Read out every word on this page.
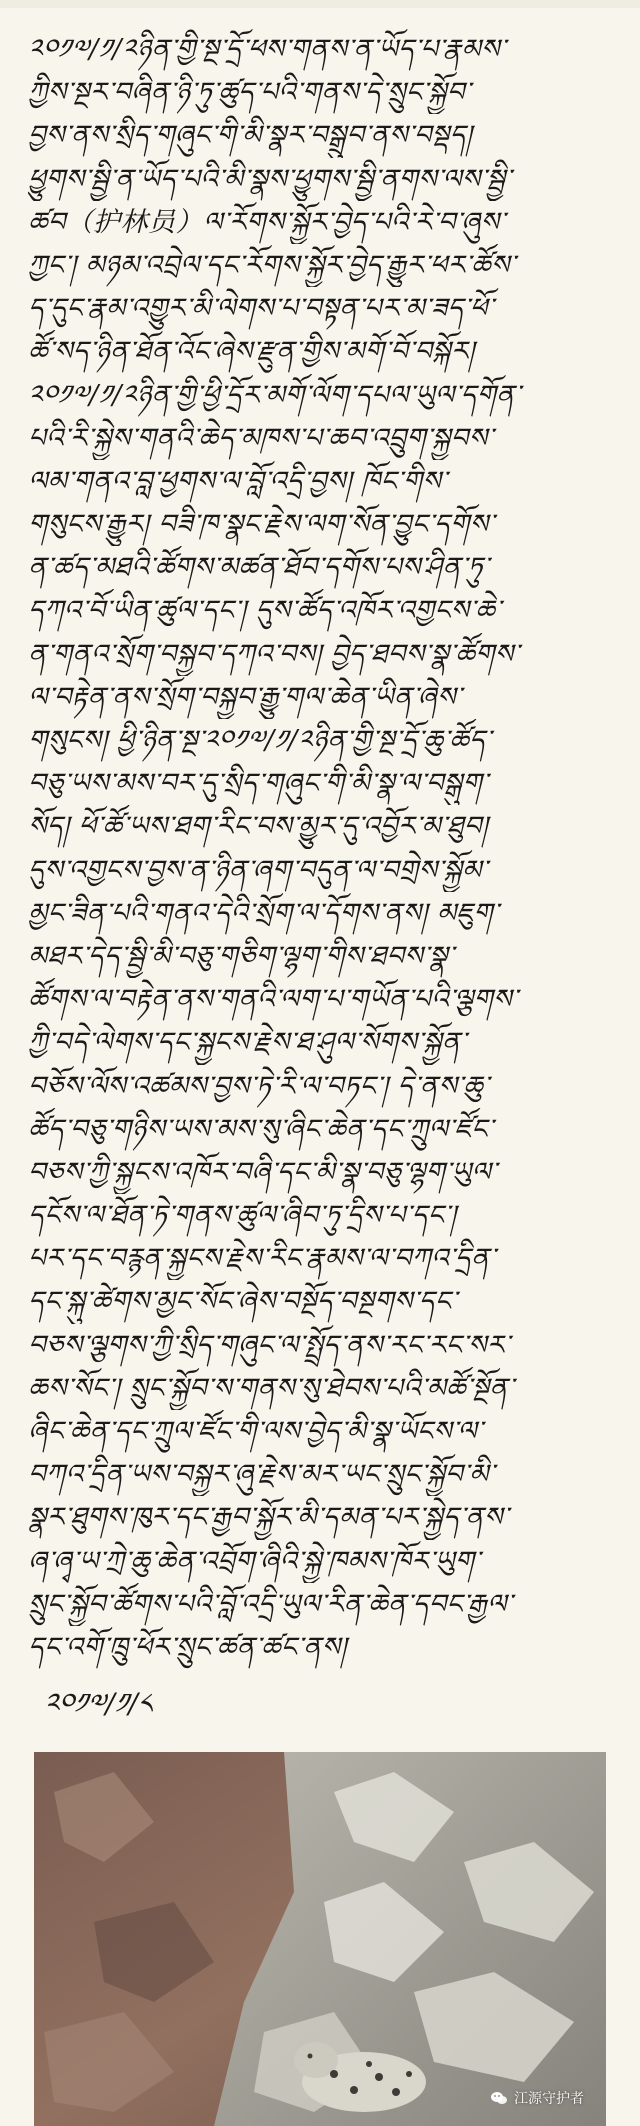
༢༠༡༧/༡/༢ཉིན་གྱི་སྔ་དྲོ་ཕས་གནས་ན་ཡོད་པ་རྣམས་
ཀྱིས་སྔར་བཞིན་ཉི་ཏུ་ཚུད་པའི་གནས་དེ་སྲུང་སྐྱོབ་
བྱས་ནས་སྲིད་གཞུང་གི་མི་སྣར་བསྒྲུབ་ནས་བསྡད།
ཕྱུགས་སྦྱི་ན་ཡོད་པའི་མི་སྣས་ཕྱུགས་སྦྱི་ནགས་ལས་སྦྱི་
ཚབ（护林员）ལ་རོགས་སྐྱོར་བྱེད་པའི་རེ་བ་ཞུས་
ཀྱང་། མཉམ་འབྲེལ་དང་རོགས་སྐྱོར་བྱེད་རྒྱུར་ཕར་ཚོས་
ད་དུང་རྣམ་འགྱུར་མི་ལེགས་པ་བསྟན་པར་མ་ཟད་ཕོ་
ཚོ་སད་ཉིན་ཐོན་འོང་ཞེས་རྫུན་གྱིས་མགོ་བོ་བསྐོར།
༢༠༡༧/༡/༢ཉིན་གྱི་ཕྱི་དྲོར་མགོ་ལོག་དཔལ་ཡུལ་དགོན་
པའི་རི་སྐྱེས་གནའི་ཆེད་མཁས་པ་ཆབ་འབྲུག་སྐྱབས་
ལམ་གནའ་བླ་ཕྱགས་ལ་བློ་འདྲི་བྱས། ཁོང་གིས་
གསུངས་རྒྱུར། བཟི་ཁ་སྣང་རྗེས་ལག་སོན་བྱུང་དགོས་
ན་ཚད་མཐའི་ཚོགས་མཚན་ཐོབ་དགོས་པས་ཤིན་ཏུ་
དཀའ་བོ་ཡིན་ཚུལ་དང་། དུས་ཚོད་འཁོར་འགྱངས་ཆེ་
ན་གནའ་སྲོག་བསྐྱབ་དཀའ་བས། བྱེད་ཐབས་སྣ་ཚོགས་
ལ་བརྟེན་ནས་སྲོག་བསྐྱབ་རྒྱུ་གལ་ཆེན་ཡིན་ཞེས་
གསུངས། ཕྱི་ཉིན་སྔ་༢༠༡༧/༡/༢ཉིན་གྱི་སྔ་དྲོ་ཆུ་ཚོད་
བཅུ་ཡས་མས་བར་དུ་སྲིད་གཞུང་གི་མི་སྣ་ལ་བསྒུག་
སོད། ཕོ་ཚོ་ཡས་ཐག་རིང་བས་མྱུར་དུ་འབྱོར་མ་ཐུབ།
དུས་འགྱངས་བྱས་ན་ཉིན་ཞག་བདུན་ལ་བགྲེས་སྐྱོམ་
མྱང་ཟིན་པའི་གནའ་དེའི་སྲོག་ལ་དོགས་ནས། མཇུག་
མཐར་དེད་སྦྱི་མི་བཅུ་གཅིག་ལྷག་གིས་ཐབས་སྣ་
ཚོགས་ལ་བརྟེན་ནས་གནའི་ལག་པ་གཡོན་པའི་ལྕགས་
ཀྱི་བདེ་ལེགས་དང་སྐྱངས་རྗེས་ཐ་ཤུལ་སོགས་སྐྱོན་
བཅོས་ལོས་འཚམས་བྱས་ཏེ་རི་ལ་བཏང་། དེ་ནས་ཆུ་
ཚོད་བཅུ་གཉིས་ཡས་མས་སུ་ཞིང་ཆེན་དང་ཀྲུལ་ཛོང་
བཅས་ཀྱི་སྐྱངས་འཁོར་བཞི་དང་མི་སྣ་བཅུ་ལྷག་ཡུལ་
དངོས་ལ་ཐོན་ཏེ་གནས་ཚུལ་ཞིབ་ཏུ་དྲིས་པ་དང་།
པར་དང་བརྙན་སྐྱངས་རྗེས་རིང་རྣམས་ལ་བཀའ་དྲིན་
དང་སྐུ་ཚེགས་མྱང་སོང་ཞེས་བསྔོད་བསྔགས་དང་
བཅས་ལྕགས་ཀྱི་སྲིད་གཞུང་ལ་སྤྲོད་ནས་རང་རང་སར་
ཆས་སོང་། སྲུང་སྐྱོབ་ས་གནས་སུ་ཐེབས་པའི་མཚོ་སྔོན་
ཞིང་ཆེན་དང་ཀྲུལ་ཛོང་གི་ལས་བྱེད་མི་སྣ་ཡོངས་ལ་
བཀའ་དྲིན་ཡས་བསྐྱར་ཞུ་རྗེས་མར་ཡང་སྲུང་སྐྱོབ་མི་
སྣར་ཐུགས་ཁུར་དང་རྒྱབ་སྐྱོར་མི་དམན་པར་སྐྱེད་ནས་
ཞ་ཞྭ་ཡ་ཀྲེ་ཆུ་ཆེན་འབྲོག་ཞིའི་སྐྱེ་ཁམས་ཁོར་ཡུག་
སྲུང་སྐྱོབ་ཚོགས་པའི་བློ་འདྲི་ཡུལ་རིན་ཆེན་དབང་རྒྱལ་
དང་འགོ་ཁྲུ་ཕོར་སྲུང་ཚན་ཚང་ནས།
༢༠༡༧/༡/༨
江源守护者
